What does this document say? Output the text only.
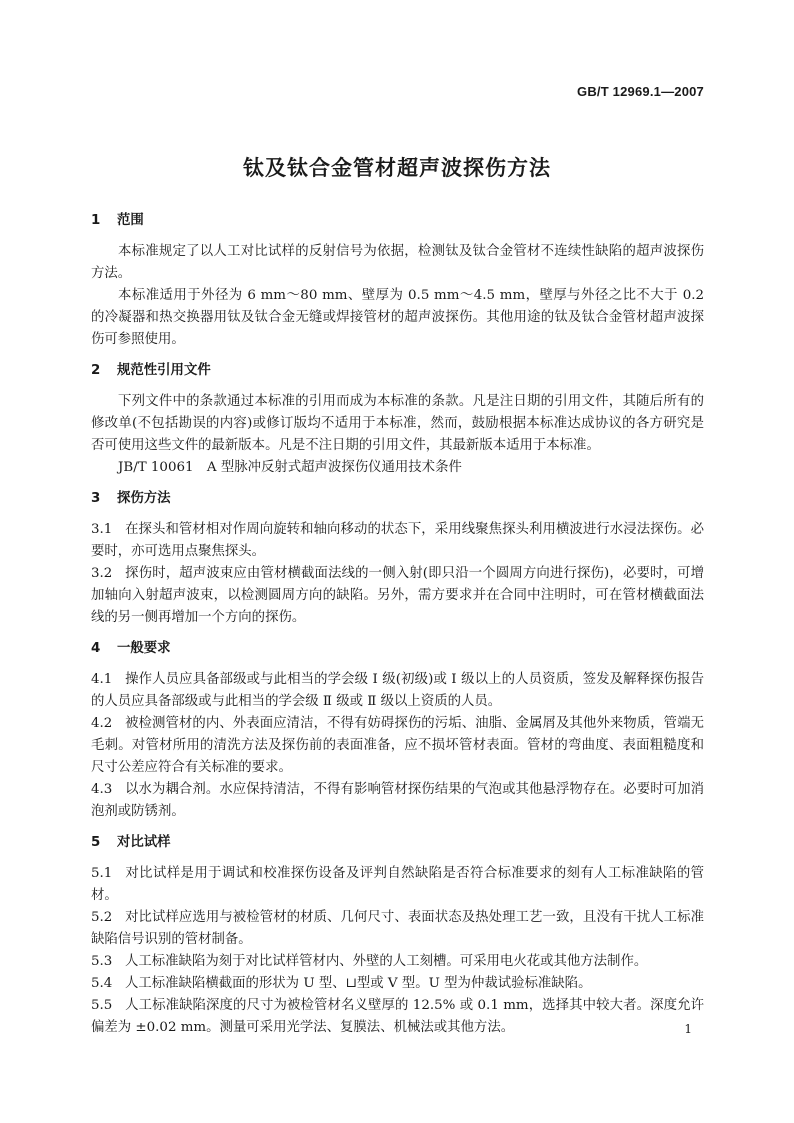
GB/T 12969.1—2007
钛及钛合金管材超声波探伤方法
1 范围

本标准规定了以人工对比试样的反射信号为依据，检测钛及钛合金管材不连续性缺陷的超声波探伤方法。

本标准适用于外径为 6 mm～80 mm、壁厚为 0.5 mm～4.5 mm，壁厚与外径之比不大于 0.2 的冷凝器和热交换器用钛及钛合金无缝或焊接管材的超声波探伤。其他用途的钛及钛合金管材超声波探伤可参照使用。

2 规范性引用文件

下列文件中的条款通过本标准的引用而成为本标准的条款。凡是注日期的引用文件，其随后所有的修改单(不包括勘误的内容)或修订版均不适用于本标准，然而，鼓励根据本标准达成协议的各方研究是否可使用这些文件的最新版本。凡是不注日期的引用文件，其最新版本适用于本标准。

JB/T 10061　A 型脉冲反射式超声波探伤仪通用技术条件

3 探伤方法

3.1 在探头和管材相对作周向旋转和轴向移动的状态下，采用线聚焦探头利用横波进行水浸法探伤。必要时，亦可选用点聚焦探头。

3.2 探伤时，超声波束应由管材横截面法线的一侧入射(即只沿一个圆周方向进行探伤)，必要时，可增加轴向入射超声波束，以检测圆周方向的缺陷。另外，需方要求并在合同中注明时，可在管材横截面法线的另一侧再增加一个方向的探伤。

4 一般要求

4.1 操作人员应具备部级或与此相当的学会级 Ⅰ 级(初级)或 Ⅰ 级以上的人员资质，签发及解释探伤报告的人员应具备部级或与此相当的学会级 Ⅱ 级或 Ⅱ 级以上资质的人员。

4.2 被检测管材的内、外表面应清洁，不得有妨碍探伤的污垢、油脂、金属屑及其他外来物质，管端无毛刺。对管材所用的清洗方法及探伤前的表面准备，应不损坏管材表面。管材的弯曲度、表面粗糙度和尺寸公差应符合有关标准的要求。

4.3 以水为耦合剂。水应保持清洁，不得有影响管材探伤结果的气泡或其他悬浮物存在。必要时可加消泡剂或防锈剂。

5 对比试样

5.1 对比试样是用于调试和校准探伤设备及评判自然缺陷是否符合标准要求的刻有人工标准缺陷的管材。

5.2 对比试样应选用与被检管材的材质、几何尺寸、表面状态及热处理工艺一致，且没有干扰人工标准缺陷信号识别的管材制备。

5.3 人工标准缺陷为刻于对比试样管材内、外壁的人工刻槽。可采用电火花或其他方法制作。

5.4 人工标准缺陷横截面的形状为 U 型、⊔型或 V 型。U 型为仲裁试验标准缺陷。

5.5 人工标准缺陷深度的尺寸为被检管材名义壁厚的 12.5% 或 0.1 mm，选择其中较大者。深度允许偏差为 ±0.02 mm。测量可采用光学法、复膜法、机械法或其他方法。	1
